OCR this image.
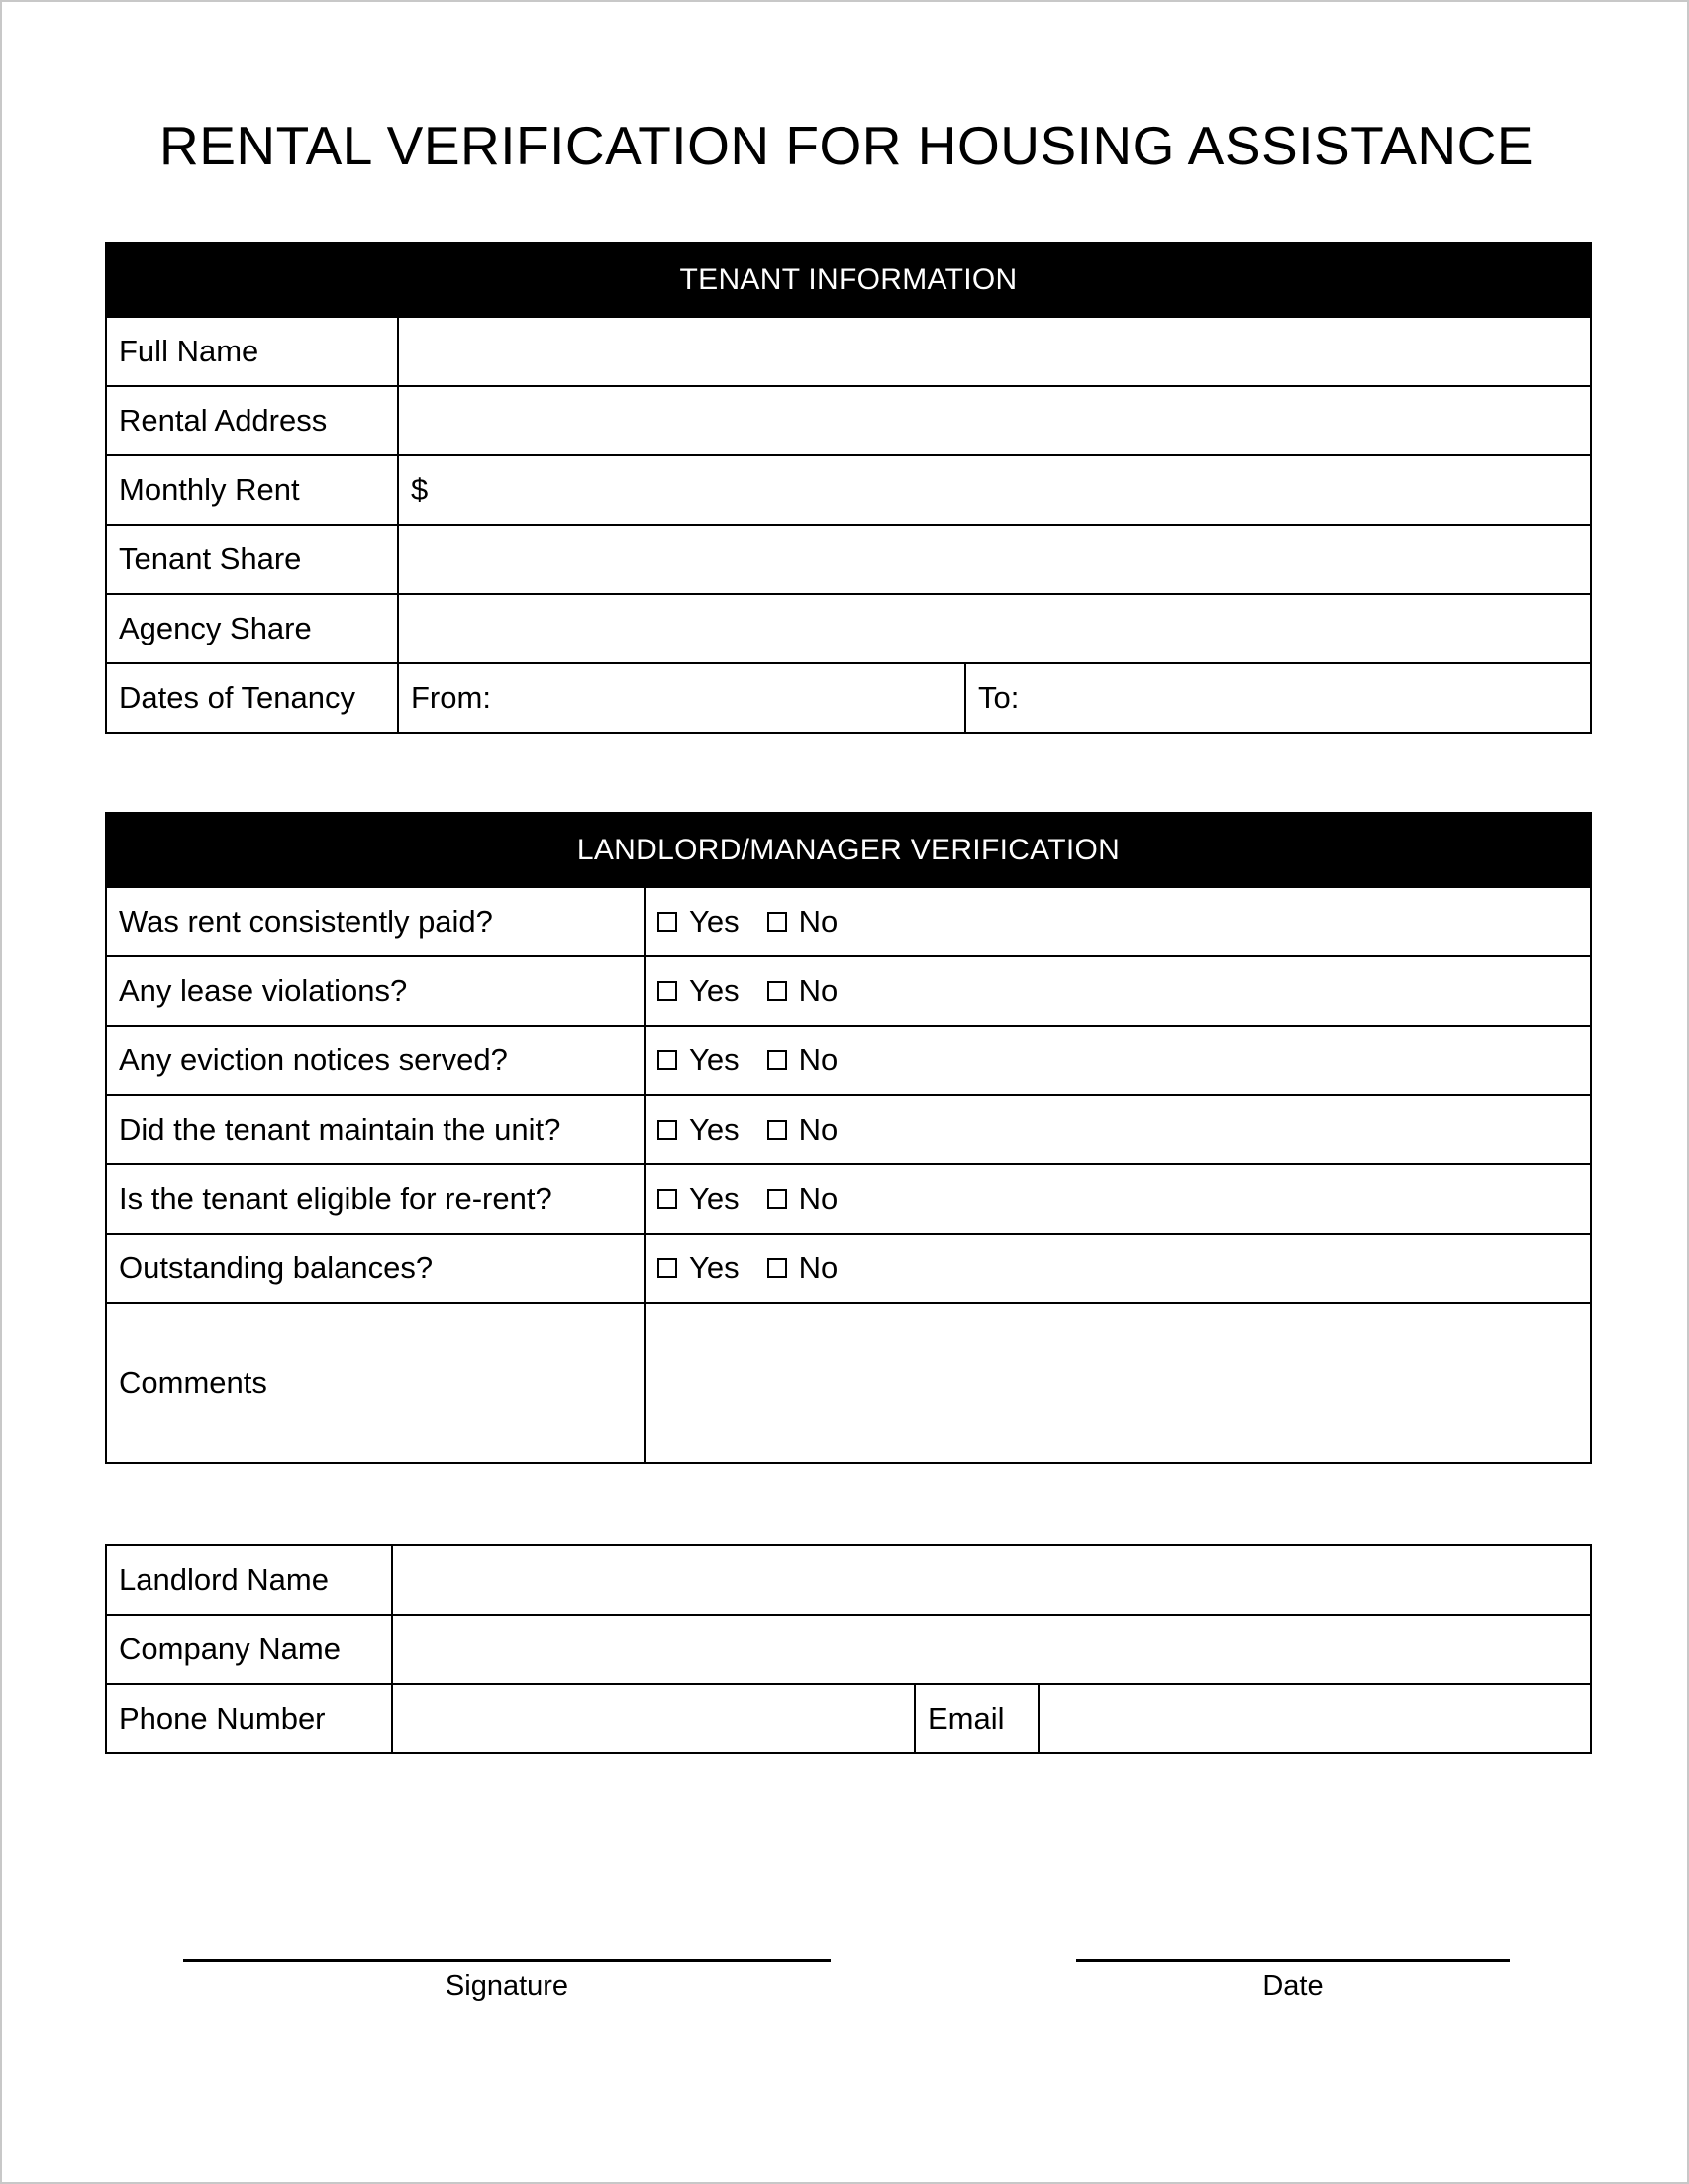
RENTAL VERIFICATION FOR HOUSING ASSISTANCE
TENANT INFORMATION		
Full Name		
Rental Address		
Monthly Rent	$	
Tenant Share		
Agency Share		
Dates of Tenancy	From:	To:
LANDLORD/MANAGER VERIFICATION	
Was rent consistently paid?	Yes No

Any lease violations?	Yes No

Any eviction notices served?	Yes No

Did the tenant maintain the unit?	Yes No

Is the tenant eligible for re-rent?	Yes No

Outstanding balances?	Yes No

Comments	
Landlord Name			
Company Name			
Phone Number		Email	
Signature	Date
